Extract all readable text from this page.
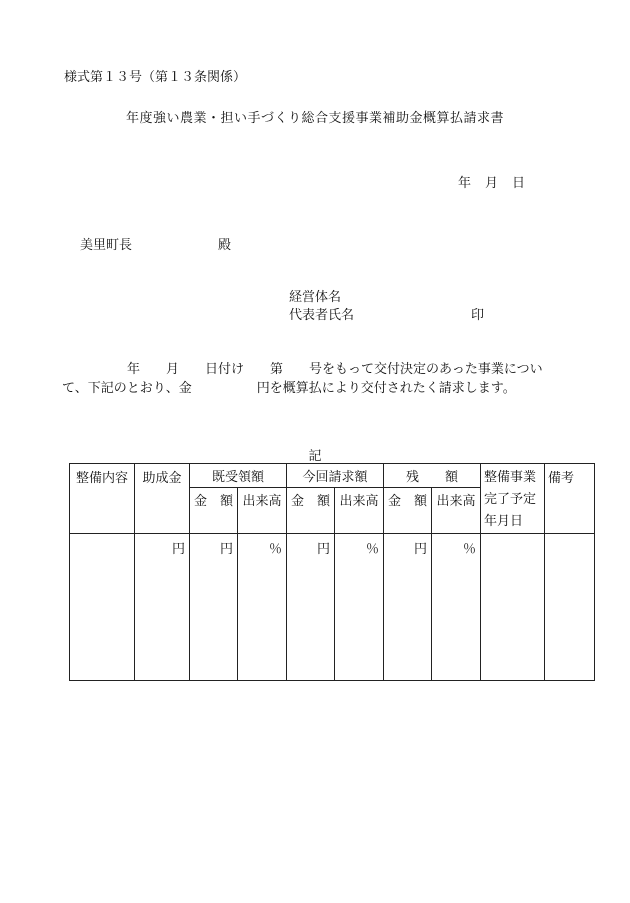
様式第１３号（第１３条関係）
年度強い農業・担い手づくり総合支援事業補助金概算払請求書
年 月 日
美里町長	殿
経営体名
代表者氏名	印
　　　　　年　　月　　日付け　　第　　号をもって交付決定のあった事業について、下記のとおり、金　　　　　円を概算払により交付されたく請求します。
記
整備内容	助成金	既受領額		今回請求額		残　　額		整備事業完了予定年月日	備考
		金　額	出来高	金　額	出来高	金　額	出来高		
	円	円	％	円	％	円	％		
